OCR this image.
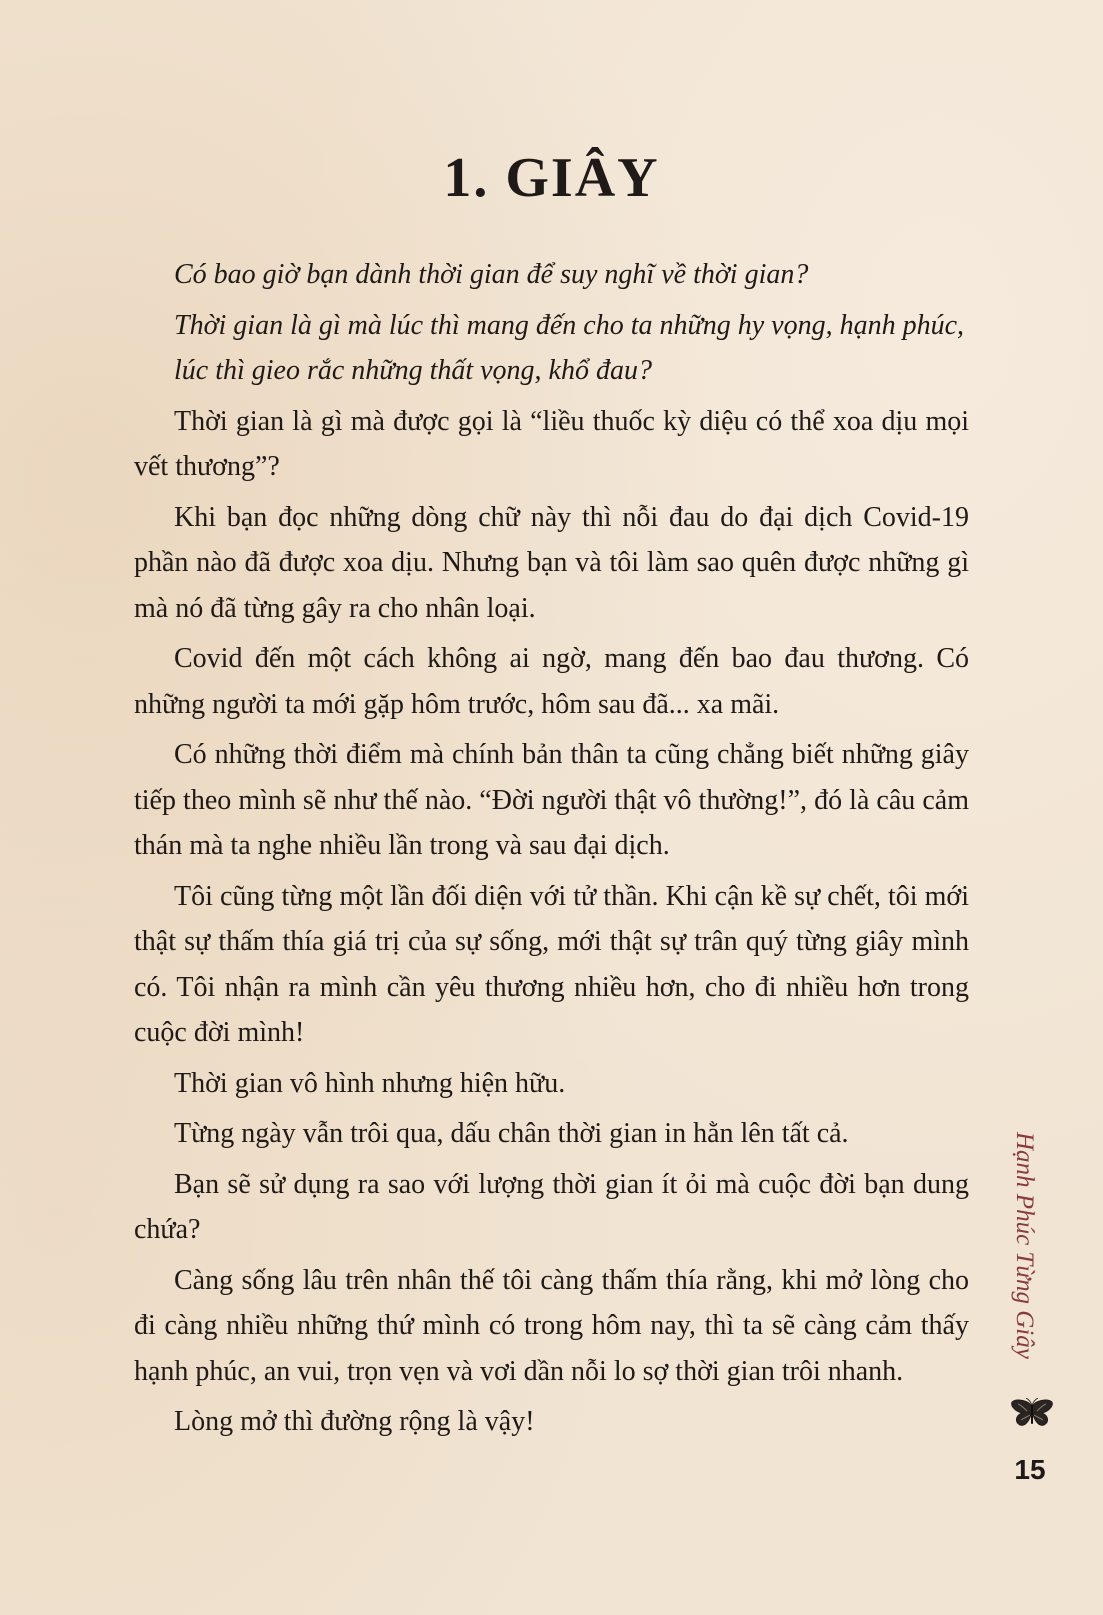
1. GIÂY

Có bao giờ bạn dành thời gian để suy nghĩ về thời gian?

Thời gian là gì mà lúc thì mang đến cho ta những hy vọng, hạnh phúc, lúc thì gieo rắc những thất vọng, khổ đau?

Thời gian là gì mà được gọi là “liều thuốc kỳ diệu có thể xoa dịu mọi vết thương”?

Khi bạn đọc những dòng chữ này thì nỗi đau do đại dịch Covid-19 phần nào đã được xoa dịu. Nhưng bạn và tôi làm sao quên được những gì mà nó đã từng gây ra cho nhân loại.

Covid đến một cách không ai ngờ, mang đến bao đau thương. Có những người ta mới gặp hôm trước, hôm sau đã... xa mãi.

Có những thời điểm mà chính bản thân ta cũng chẳng biết những giây tiếp theo mình sẽ như thế nào. “Đời người thật vô thường!”, đó là câu cảm thán mà ta nghe nhiều lần trong và sau đại dịch.

Tôi cũng từng một lần đối diện với tử thần. Khi cận kề sự chết, tôi mới thật sự thấm thía giá trị của sự sống, mới thật sự trân quý từng giây mình có. Tôi nhận ra mình cần yêu thương nhiều hơn, cho đi nhiều hơn trong cuộc đời mình!

Thời gian vô hình nhưng hiện hữu.

Từng ngày vẫn trôi qua, dấu chân thời gian in hằn lên tất cả.

Bạn sẽ sử dụng ra sao với lượng thời gian ít ỏi mà cuộc đời bạn dung chứa?

Càng sống lâu trên nhân thế tôi càng thấm thía rằng, khi mở lòng cho đi càng nhiều những thứ mình có trong hôm nay, thì ta sẽ càng cảm thấy hạnh phúc, an vui, trọn vẹn và vơi dần nỗi lo sợ thời gian trôi nhanh.

Lòng mở thì đường rộng là vậy!

Hạnh Phúc Từng Giây
15
